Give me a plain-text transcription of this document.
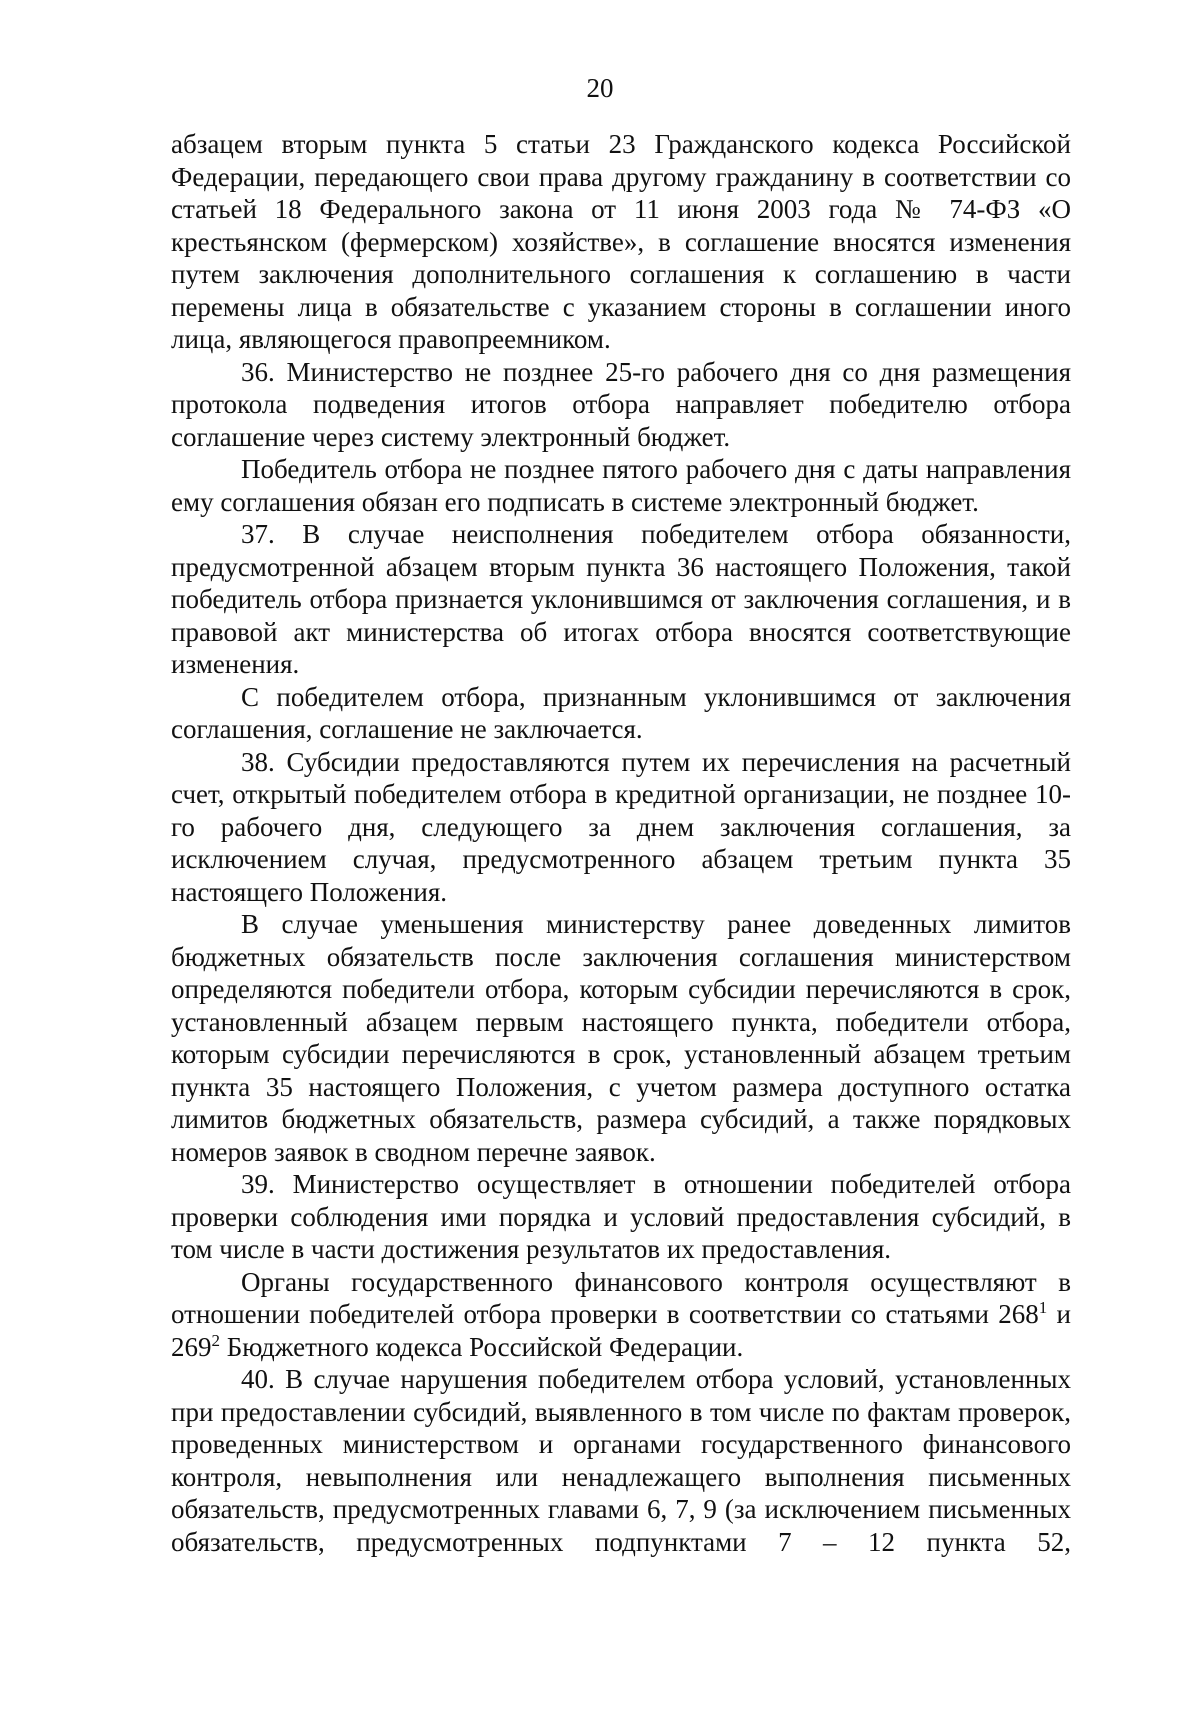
20

абзацем вторым пункта 5 статьи 23 Гражданского кодекса Российской Федерации, передающего свои права другому гражданину в соответствии со статьей 18 Федерального закона от 11 июня 2003 года № 74-ФЗ «О крестьянском (фермерском) хозяйстве», в соглашение вносятся изменения путем заключения дополнительного соглашения к соглашению в части перемены лица в обязательстве с указанием стороны в соглашении иного лица, являющегося правопреемником.

36. Министерство не позднее 25-го рабочего дня со дня размещения протокола подведения итогов отбора направляет победителю отбора соглашение через систему электронный бюджет.

Победитель отбора не позднее пятого рабочего дня с даты направления ему соглашения обязан его подписать в системе электронный бюджет.

37. В случае неисполнения победителем отбора обязанности, предусмотренной абзацем вторым пункта 36 настоящего Положения, такой победитель отбора признается уклонившимся от заключения соглашения, и в правовой акт министерства об итогах отбора вносятся соответствующие изменения.

С победителем отбора, признанным уклонившимся от заключения соглашения, соглашение не заключается.

38. Субсидии предоставляются путем их перечисления на расчетный счет, открытый победителем отбора в кредитной организации, не позднее 10-го рабочего дня, следующего за днем заключения соглашения, за исключением случая, предусмотренного абзацем третьим пункта 35 настоящего Положения.

В случае уменьшения министерству ранее доведенных лимитов бюджетных обязательств после заключения соглашения министерством определяются победители отбора, которым субсидии перечисляются в срок, установленный абзацем первым настоящего пункта, победители отбора, которым субсидии перечисляются в срок, установленный абзацем третьим пункта 35 настоящего Положения, с учетом размера доступного остатка лимитов бюджетных обязательств, размера субсидий, а также порядковых номеров заявок в сводном перечне заявок.

39. Министерство осуществляет в отношении победителей отбора проверки соблюдения ими порядка и условий предоставления субсидий, в том числе в части достижения результатов их предоставления.

Органы государственного финансового контроля осуществляют в отношении победителей отбора проверки в соответствии со статьями $268^1$ и $269^2$ Бюджетного кодекса Российской Федерации.

40. В случае нарушения победителем отбора условий, установленных при предоставлении субсидий, выявленного в том числе по фактам проверок, проведенных министерством и органами государственного финансового контроля, невыполнения или ненадлежащего выполнения письменных обязательств, предусмотренных главами 6, 7, 9 (за исключением письменных обязательств, предусмотренных подпунктами 7 – 12 пункта 52,
